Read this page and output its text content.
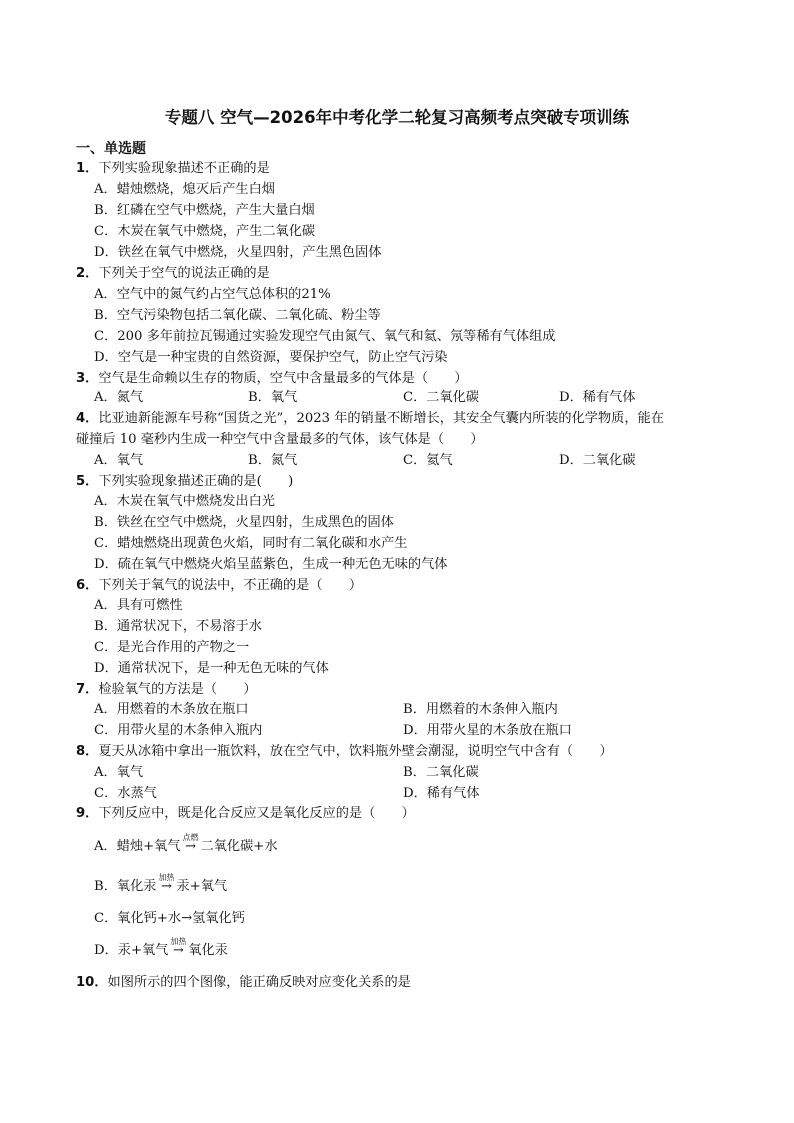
专题八 空气—2026年中考化学二轮复习高频考点突破专项训练
一、单选题
1．下列实验现象描述不正确的是
A．蜡烛燃烧，熄灭后产生白烟
B．红磷在空气中燃烧，产生大量白烟
C．木炭在氧气中燃烧，产生二氧化碳
D．铁丝在氧气中燃烧，火星四射，产生黑色固体
2．下列关于空气的说法正确的是
A．空气中的氮气约占空气总体积的21%
B．空气污染物包括二氧化碳、二氧化硫、粉尘等
C．200 多年前拉瓦锡通过实验发现空气由氮气、氧气和氦、氖等稀有气体组成
D．空气是一种宝贵的自然资源，要保护空气，防止空气污染
3．空气是生命赖以生存的物质，空气中含量最多的气体是（　　）
A．氮气	B．氧气	C．二氧化碳	D．稀有气体
4．比亚迪新能源车号称“国货之光”，2023 年的销量不断增长，其安全气囊内所装的化学物质，能在
碰撞后 10 毫秒内生成一种空气中含量最多的气体，该气体是（　　）
A．氧气	B．氮气	C．氦气	D．二氧化碳
5．下列实验现象描述正确的是(　　)
A．木炭在氧气中燃烧发出白光
B．铁丝在空气中燃烧，火星四射，生成黑色的固体
C．蜡烛燃烧出现黄色火焰，同时有二氧化碳和水产生
D．硫在氧气中燃烧火焰呈蓝紫色，生成一种无色无味的气体
6．下列关于氧气的说法中，不正确的是（　　）
A．具有可燃性
B．通常状况下，不易溶于水
C．是光合作用的产物之一
D．通常状况下，是一种无色无味的气体
7．检验氧气的方法是（　　）
A．用燃着的木条放在瓶口	B．用燃着的木条伸入瓶内
C．用带火星的木条伸入瓶内	D．用带火星的木条放在瓶口
8．夏天从冰箱中拿出一瓶饮料，放在空气中，饮料瓶外壁会潮湿，说明空气中含有（　　）
A．氧气	B．二氧化碳
C．水蒸气	D．稀有气体
9．下列反应中，既是化合反应又是氧化反应的是（　　）
A．蜡烛+氧气
点燃
→ 二氧化碳+水
B．氧化汞
加热
→ 汞+氧气
C．氧化钙+水→氢氧化钙
D．汞+氧气
加热
→ 氧化汞
10．如图所示的四个图像，能正确反映对应变化关系的是
